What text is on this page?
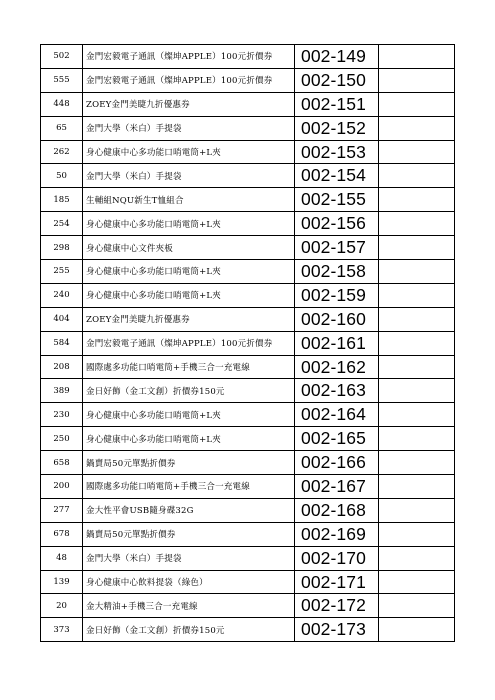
502	金門宏毅電子通訊（燦坤APPLE）100元折價券	002-149	
555	金門宏毅電子通訊（燦坤APPLE）100元折價券	002-150	
448	ZOEY金門美睫九折優惠券	002-151	
65	金門大學（米白）手提袋	002-152	
262	身心健康中心多功能口哨電筒+L夾	002-153	
50	金門大學（米白）手提袋	002-154	
185	生輔組NQU新生T恤組合	002-155	
254	身心健康中心多功能口哨電筒+L夾	002-156	
298	身心健康中心文件夾板	002-157	
255	身心健康中心多功能口哨電筒+L夾	002-158	
240	身心健康中心多功能口哨電筒+L夾	002-159	
404	ZOEY金門美睫九折優惠券	002-160	
584	金門宏毅電子通訊（燦坤APPLE）100元折價券	002-161	
208	國際處多功能口哨電筒+手機三合一充電線	002-162	
389	金日好飾（金工文創）折價券150元	002-163	
230	身心健康中心多功能口哨電筒+L夾	002-164	
250	身心健康中心多功能口哨電筒+L夾	002-165	
658	鍋賣局50元單點折價券	002-166	
200	國際處多功能口哨電筒+手機三合一充電線	002-167	
277	金大性平會USB隨身碟32G	002-168	
678	鍋賣局50元單點折價券	002-169	
48	金門大學（米白）手提袋	002-170	
139	身心健康中心飲料提袋（綠色）	002-171	
20	金大精油+手機三合一充電線	002-172	
373	金日好飾（金工文創）折價券150元	002-173	
